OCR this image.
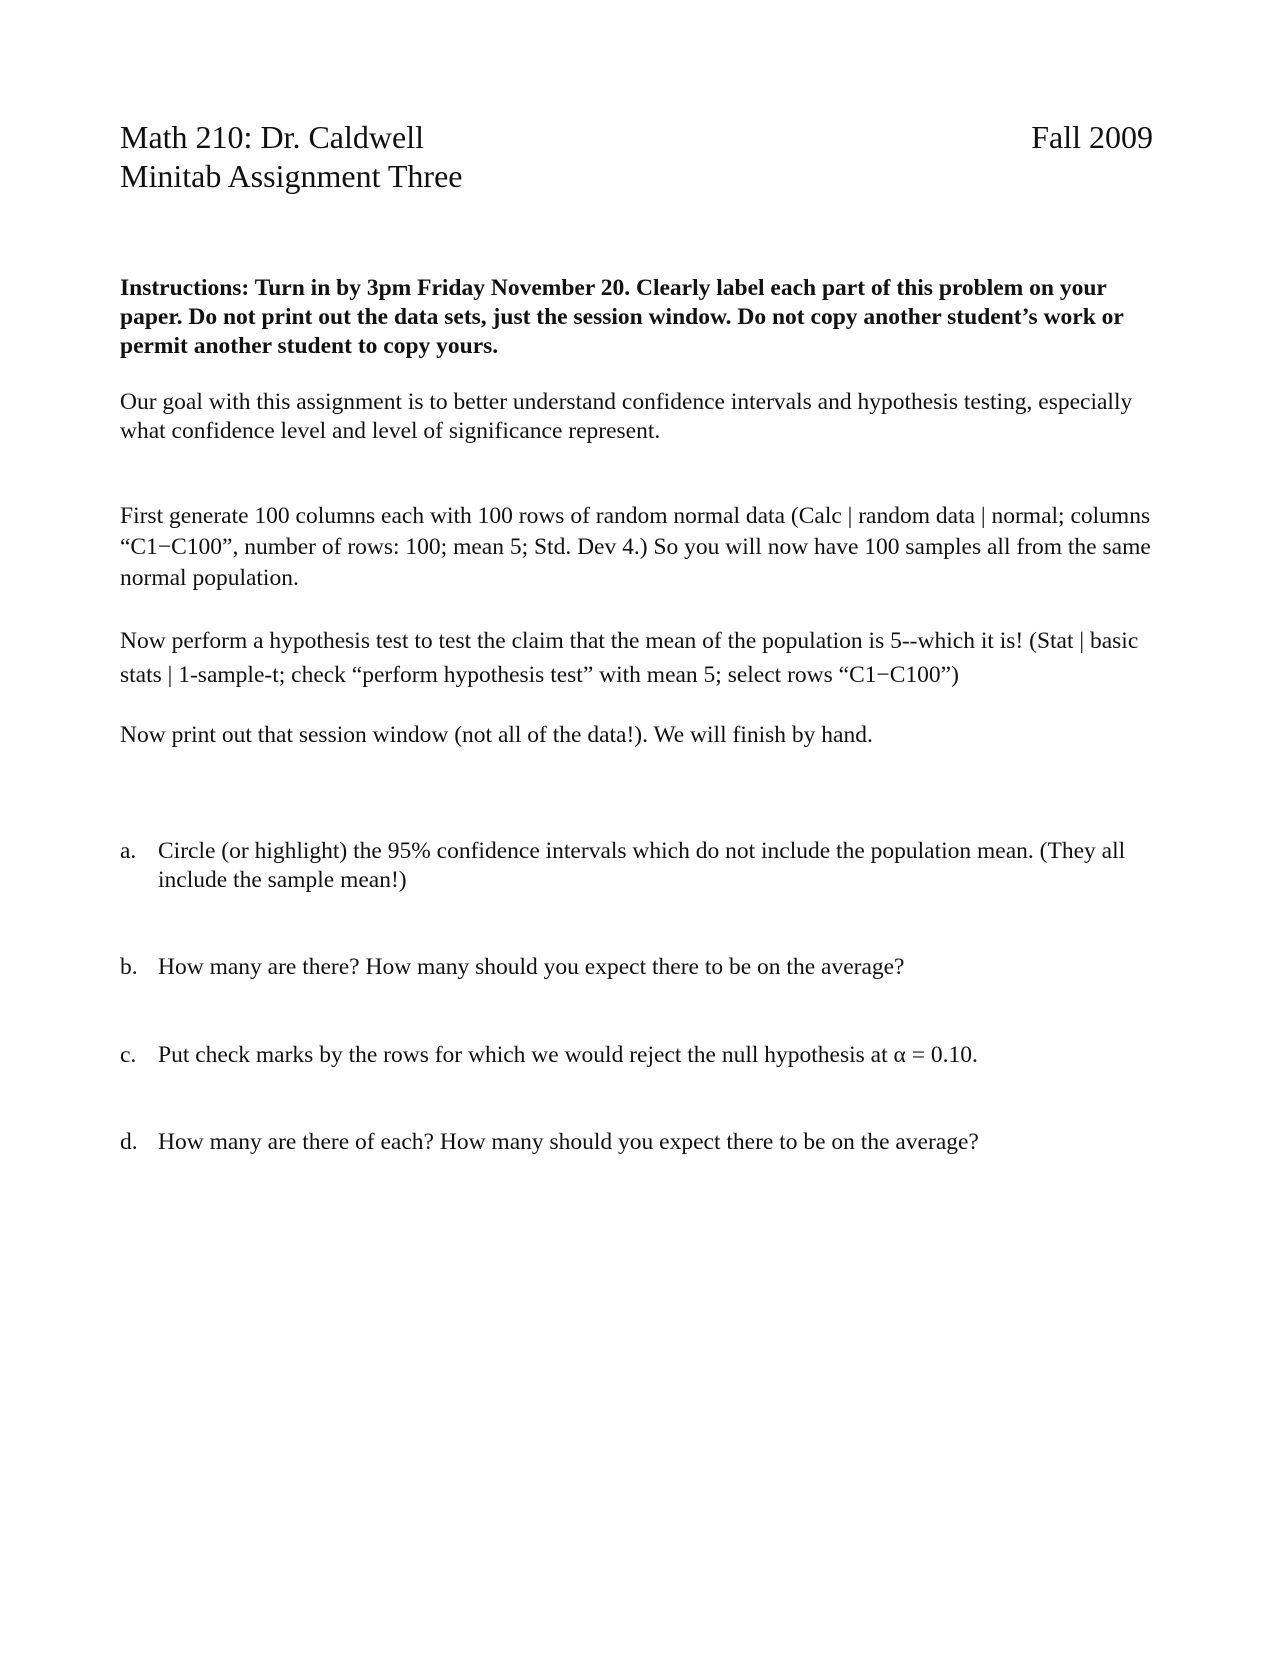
Math 210: Dr. Caldwell
Minitab Assignment Three
Fall 2009
Instructions: Turn in by 3pm Friday November 20. Clearly label each part of this problem on your paper. Do not print out the data sets, just the session window. Do not copy another student’s work or permit another student to copy yours.
Our goal with this assignment is to better understand confidence intervals and hypothesis testing, especially what confidence level and level of significance represent.
First generate 100 columns each with 100 rows of random normal data (Calc | random data | normal; columns “C1−C100”, number of rows: 100; mean 5; Std. Dev 4.) So you will now have 100 samples all from the same normal population.
Now perform a hypothesis test to test the claim that the mean of the population is 5--which it is! (Stat | basic stats | 1-sample-t; check “perform hypothesis test” with mean 5; select rows “C1−C100”)
Now print out that session window (not all of the data!). We will finish by hand.
a. Circle (or highlight) the 95% confidence intervals which do not include the population mean. (They all include the sample mean!)
b. How many are there? How many should you expect there to be on the average?
c. Put check marks by the rows for which we would reject the null hypothesis at α = 0.10.
d. How many are there of each? How many should you expect there to be on the average?
